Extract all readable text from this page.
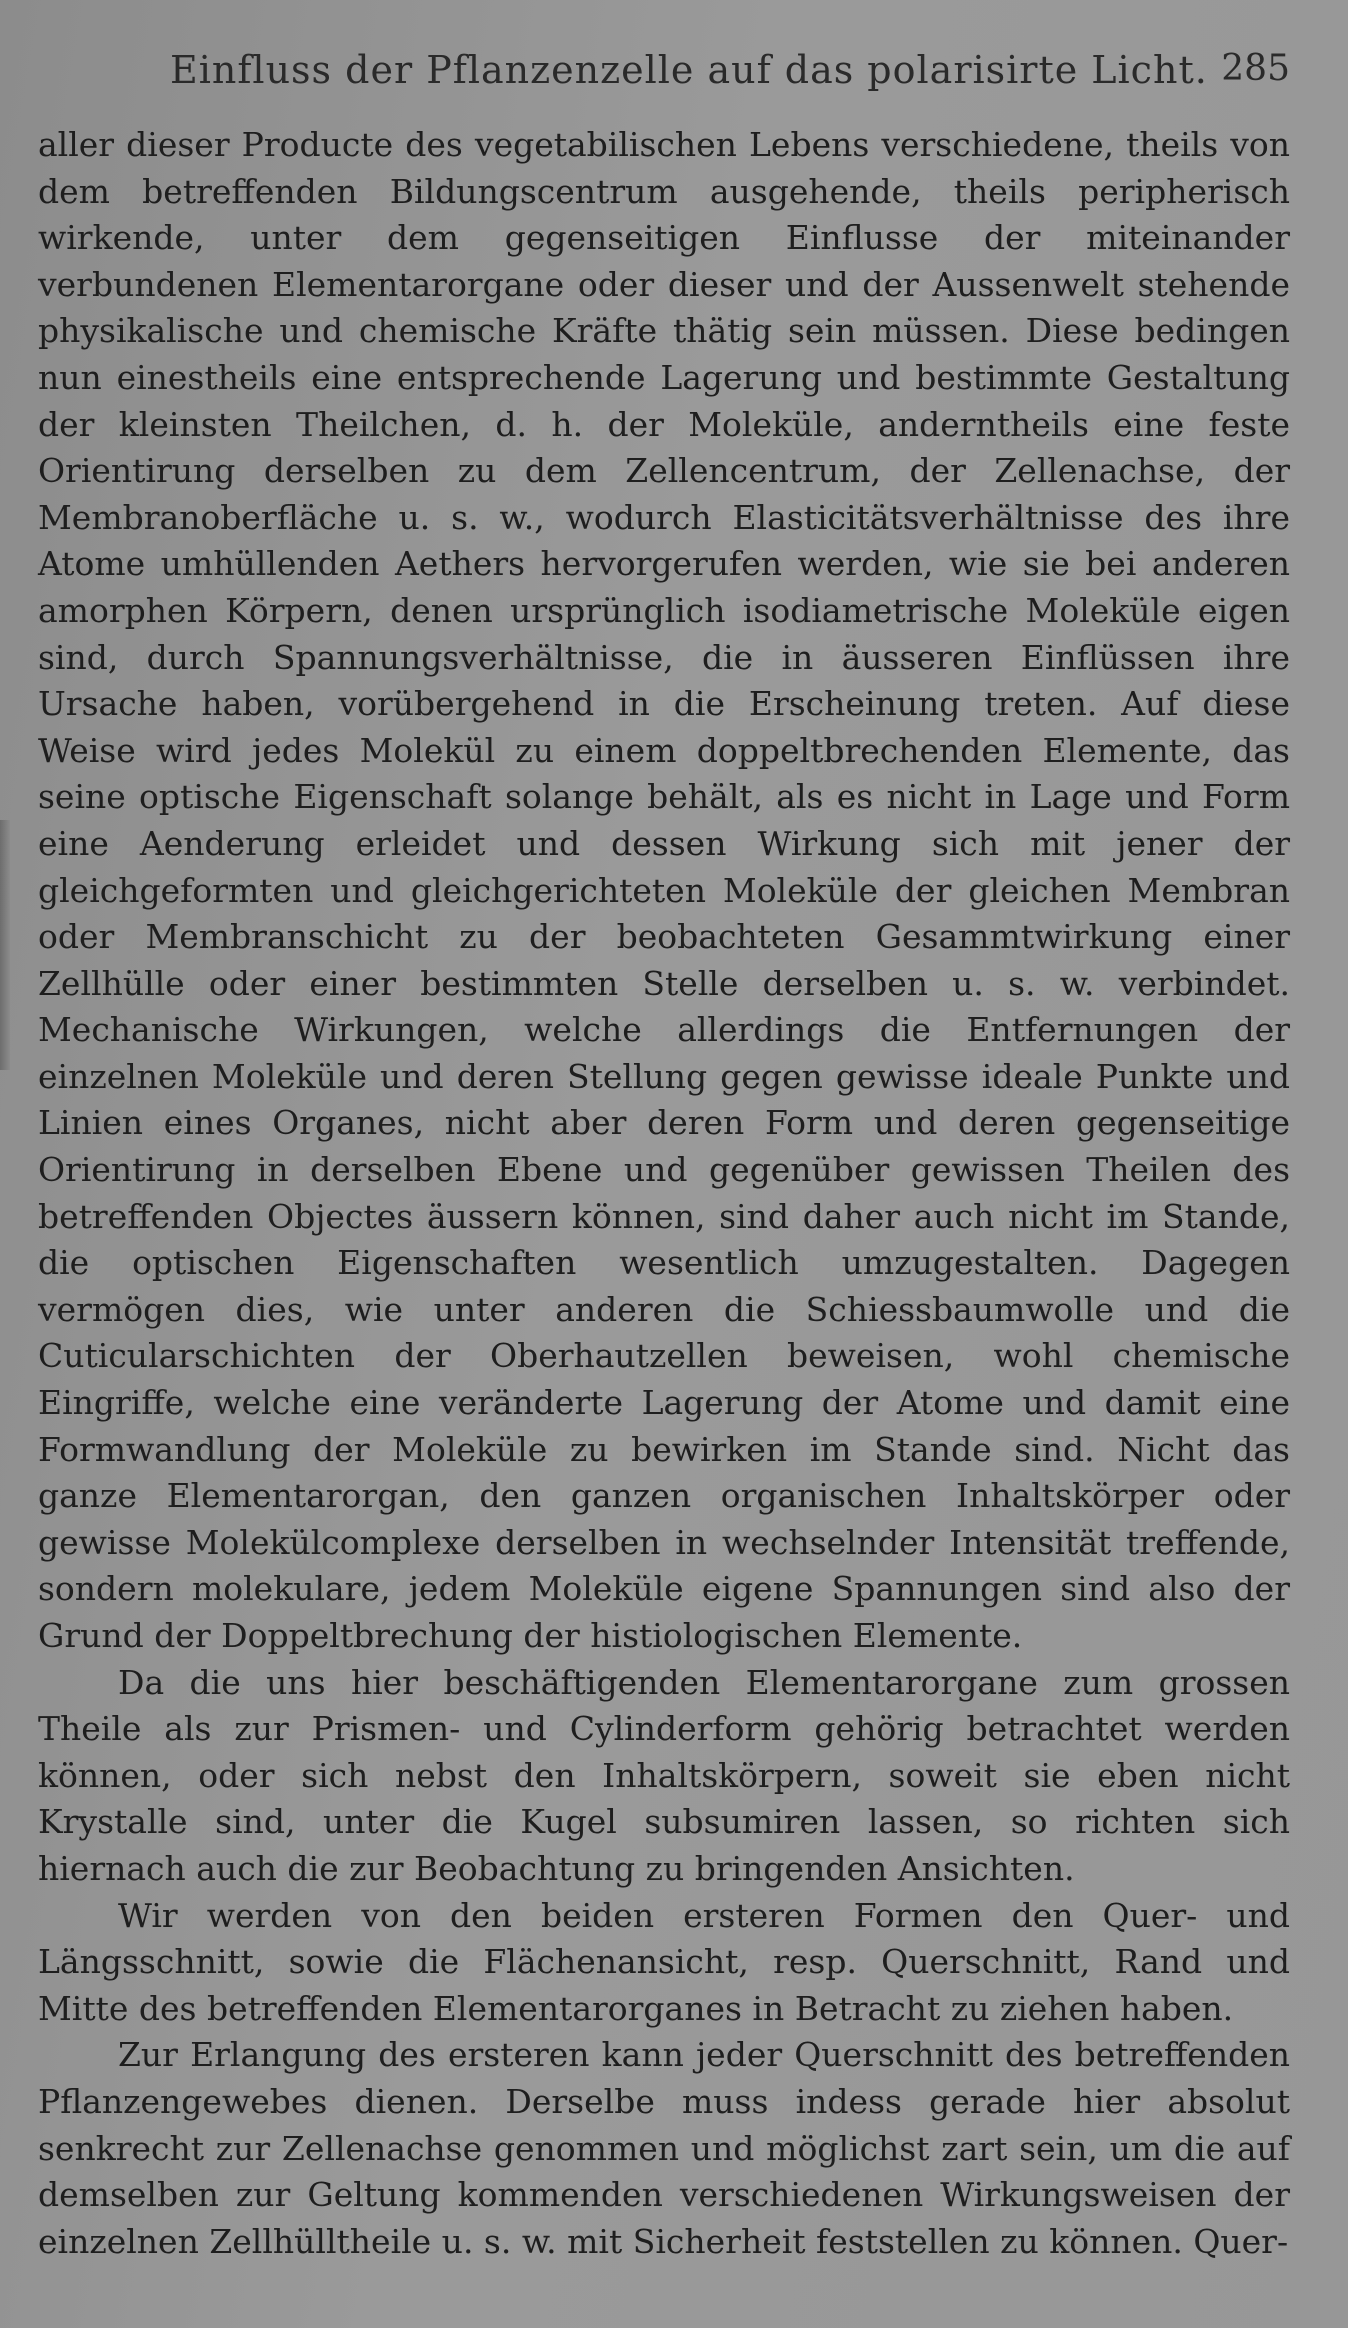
Einfluss der Pflanzenzelle auf das polarisirte Licht. 285

aller dieser Producte des vegetabilischen Lebens verschiedene, theils von dem betreffenden Bildungscentrum ausgehende, theils peripherisch wirkende, unter dem gegenseitigen Einflusse der miteinander verbundenen Elementarorgane oder dieser und der Aussenwelt stehende physikalische und chemische Kräfte thätig sein müssen. Diese bedingen nun einestheils eine entsprechende Lagerung und bestimmte Gestaltung der kleinsten Theilchen, d. h. der Moleküle, anderntheils eine feste Orientirung derselben zu dem Zellencentrum, der Zellenachse, der Membranoberfläche u. s. w., wodurch Elasticitätsverhältnisse des ihre Atome umhüllenden Aethers hervorgerufen werden, wie sie bei anderen amorphen Körpern, denen ursprünglich isodiametrische Moleküle eigen sind, durch Spannungsverhältnisse, die in äusseren Einflüssen ihre Ursache haben, vorübergehend in die Erscheinung treten. Auf diese Weise wird jedes Molekül zu einem doppeltbrechenden Elemente, das seine optische Eigenschaft solange behält, als es nicht in Lage und Form eine Aenderung erleidet und dessen Wirkung sich mit jener der gleichgeformten und gleichgerichteten Moleküle der gleichen Membran oder Membranschicht zu der beobachteten Gesammtwirkung einer Zellhülle oder einer bestimmten Stelle derselben u. s. w. verbindet. Mechanische Wirkungen, welche allerdings die Entfernungen der einzelnen Moleküle und deren Stellung gegen gewisse ideale Punkte und Linien eines Organes, nicht aber deren Form und deren gegenseitige Orientirung in derselben Ebene und gegenüber gewissen Theilen des betreffenden Objectes äussern können, sind daher auch nicht im Stande, die optischen Eigenschaften wesentlich umzugestalten. Dagegen vermögen dies, wie unter anderen die Schiessbaumwolle und die Cuticularschichten der Oberhautzellen beweisen, wohl chemische Eingriffe, welche eine veränderte Lagerung der Atome und damit eine Formwandlung der Moleküle zu bewirken im Stande sind. Nicht das ganze Elementarorgan, den ganzen organischen Inhaltskörper oder gewisse Molekülcomplexe derselben in wechselnder Intensität treffende, sondern molekulare, jedem Moleküle eigene Spannungen sind also der Grund der Doppeltbrechung der histiologischen Elemente.

Da die uns hier beschäftigenden Elementarorgane zum grossen Theile als zur Prismen- und Cylinderform gehörig betrachtet werden können, oder sich nebst den Inhaltskörpern, soweit sie eben nicht Krystalle sind, unter die Kugel subsumiren lassen, so richten sich hiernach auch die zur Beobachtung zu bringenden Ansichten.

Wir werden von den beiden ersteren Formen den Quer- und Längsschnitt, sowie die Flächenansicht, resp. Querschnitt, Rand und Mitte des betreffenden Elementarorganes in Betracht zu ziehen haben.

Zur Erlangung des ersteren kann jeder Querschnitt des betreffenden Pflanzengewebes dienen. Derselbe muss indess gerade hier absolut senkrecht zur Zellenachse genommen und möglichst zart sein, um die auf demselben zur Geltung kommenden verschiedenen Wirkungsweisen der einzelnen Zellhülltheile u. s. w. mit Sicherheit feststellen zu können. Quer-
